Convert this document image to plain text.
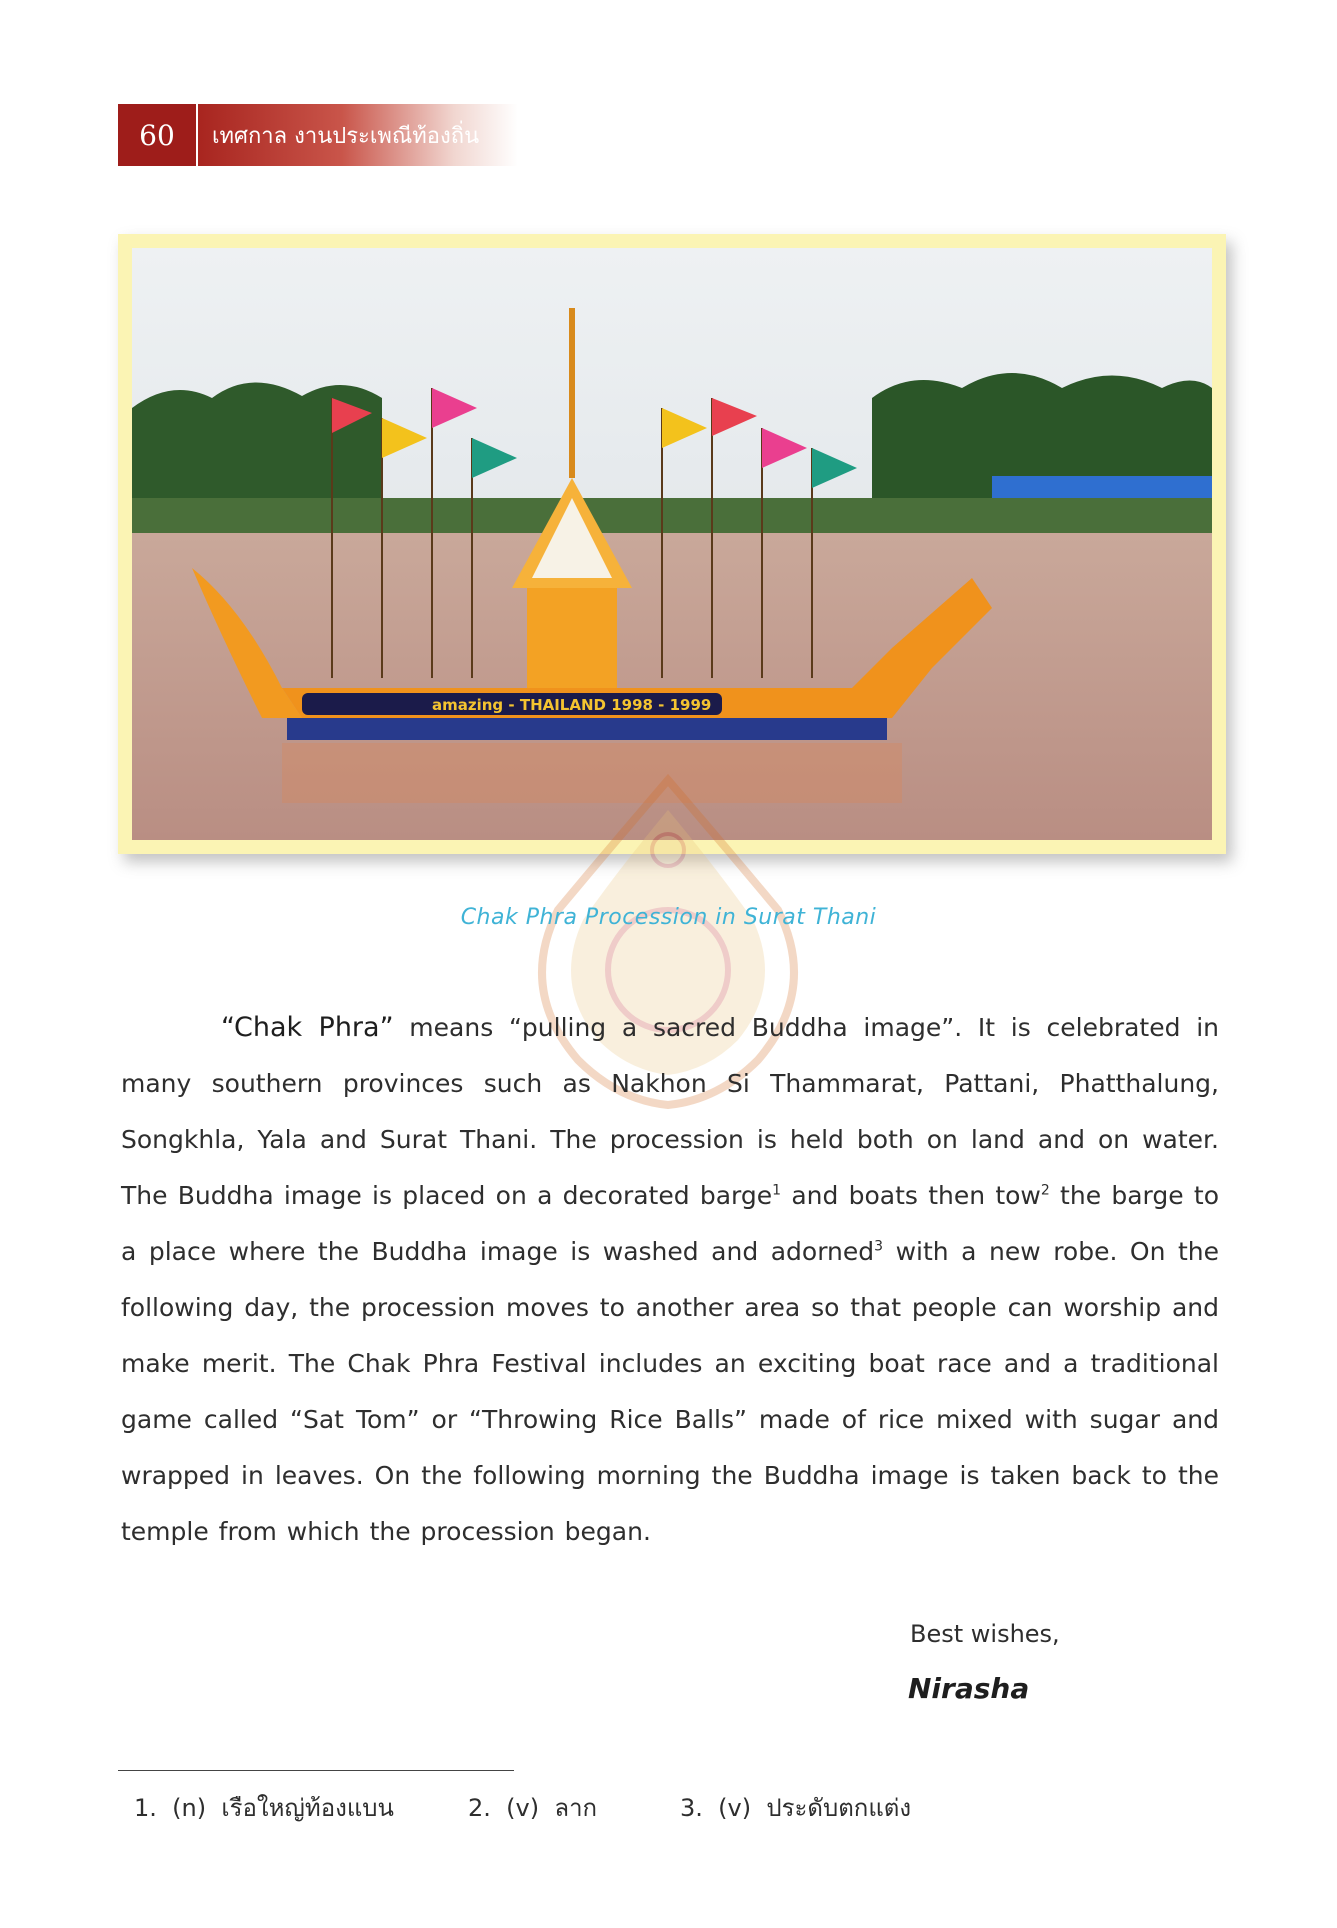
60	เทศกาล งานประเพณีท้องถิ่น
amazing - THAILAND 1998 - 1999
Chak Phra Procession in Surat Thani

“Chak Phra” means “pulling a sacred Buddha image”. It is celebrated in many southern provinces such as Nakhon Si Thammarat, Pattani, Phatthalung, Songkhla, Yala and Surat Thani. The procession is held both on land and on water. The Buddha image is placed on a decorated barge$^1$ and boats then tow$^2$ the barge to a place where the Buddha image is washed and adorned$^3$ with a new robe. On the following day, the procession moves to another area so that people can worship and make merit. The Chak Phra Festival includes an exciting boat race and a traditional game called “Sat Tom” or “Throwing Rice Balls” made of rice mixed with sugar and wrapped in leaves. On the following morning the Buddha image is taken back to the temple from which the procession began.

Best wishes,
Nirasha
1. (n) เรือใหญ่ท้องแบน	2. (v) ลาก	3. (v) ประดับตกแต่ง
